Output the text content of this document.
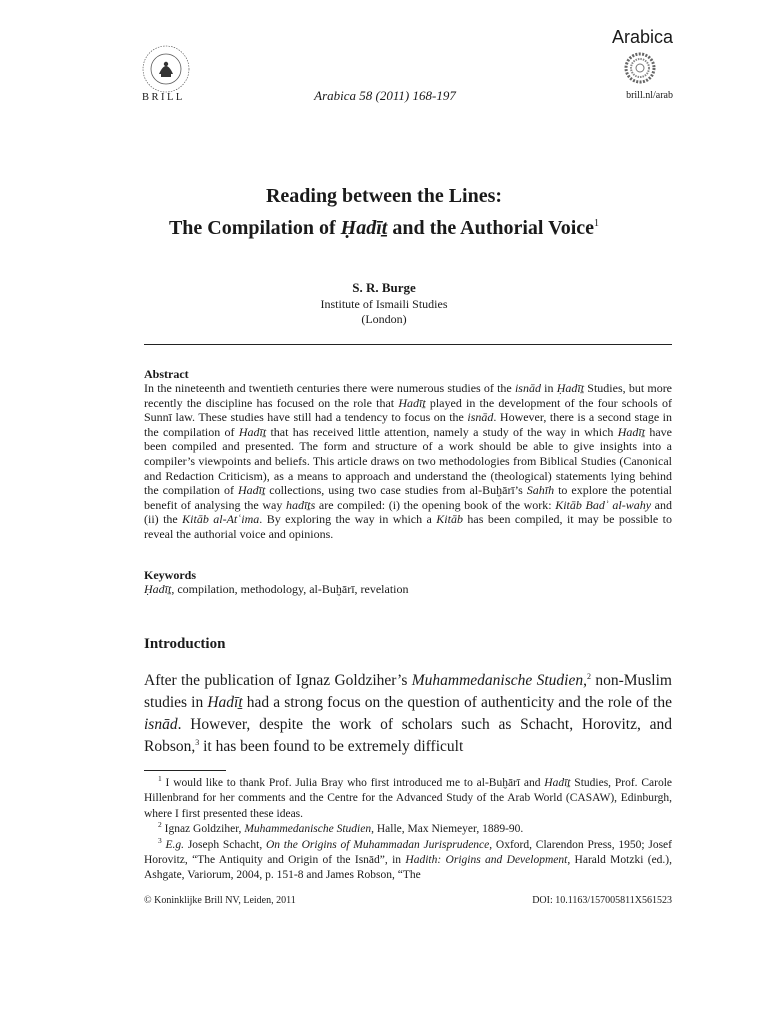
BRILL	Arabica 58 (2011) 168-197
Arabica
brill.nl/arab
Reading between the Lines:
The Compilation of Ḥadīṯ and the Authorial Voice$^1$
S. R. Burge
Institute of Ismaili Studies
(London)
Abstract
In the nineteenth and twentieth centuries there were numerous studies of the isnād in Ḥadīṯ Studies, but more recently the discipline has focused on the role that Hadīṯ played in the development of the four schools of Sunnī law. These studies have still had a tendency to focus on the isnād. However, there is a second stage in the compilation of Hadīṯ that has received little attention, namely a study of the way in which Hadīṯ have been compiled and presented. The form and structure of a work should be able to give insights into a compiler’s viewpoints and beliefs. This article draws on two methodologies from Biblical Studies (Canonical and Redaction Criticism), as a means to approach and understand the (theological) statements lying behind the compilation of Hadīṯ collections, using two case studies from al-Buḫārī’s Sahīh to explore the potential benefit of analysing the way hadīṯs are compiled: (i) the opening book of the work: Kitāb Badʾ al-wahy and (ii) the Kitāb al-Atʿima. By exploring the way in which a Kitāb has been compiled, it may be possible to reveal the authorial voice and opinions.
Keywords
Ḥadīṯ, compilation, methodology, al-Buḫārī, revelation
Introduction
After the publication of Ignaz Goldziher’s Muhammedanische Studien,$^2$ non-Muslim studies in Hadīṯ had a strong focus on the question of authenticity and the role of the isnād. However, despite the work of scholars such as Schacht, Horovitz, and Robson,$^3$ it has been found to be extremely difficult

$^1$ I would like to thank Prof. Julia Bray who first introduced me to al-Buḫārī and Hadīṯ Studies, Prof. Carole Hillenbrand for her comments and the Centre for the Advanced Study of the Arab World (CASAW), Edinburgh, where I first presented these ideas.

$^2$ Ignaz Goldziher, Muhammedanische Studien, Halle, Max Niemeyer, 1889-90.

$^3$ E.g. Joseph Schacht, On the Origins of Muhammadan Jurisprudence, Oxford, Clarendon Press, 1950; Josef Horovitz, “The Antiquity and Origin of the Isnād”, in Hadith: Origins and Development, Harald Motzki (ed.), Ashgate, Variorum, 2004, p. 151-8 and James Robson, “The

© Koninklijke Brill NV, Leiden, 2011	DOI: 10.1163/157005811X561523
